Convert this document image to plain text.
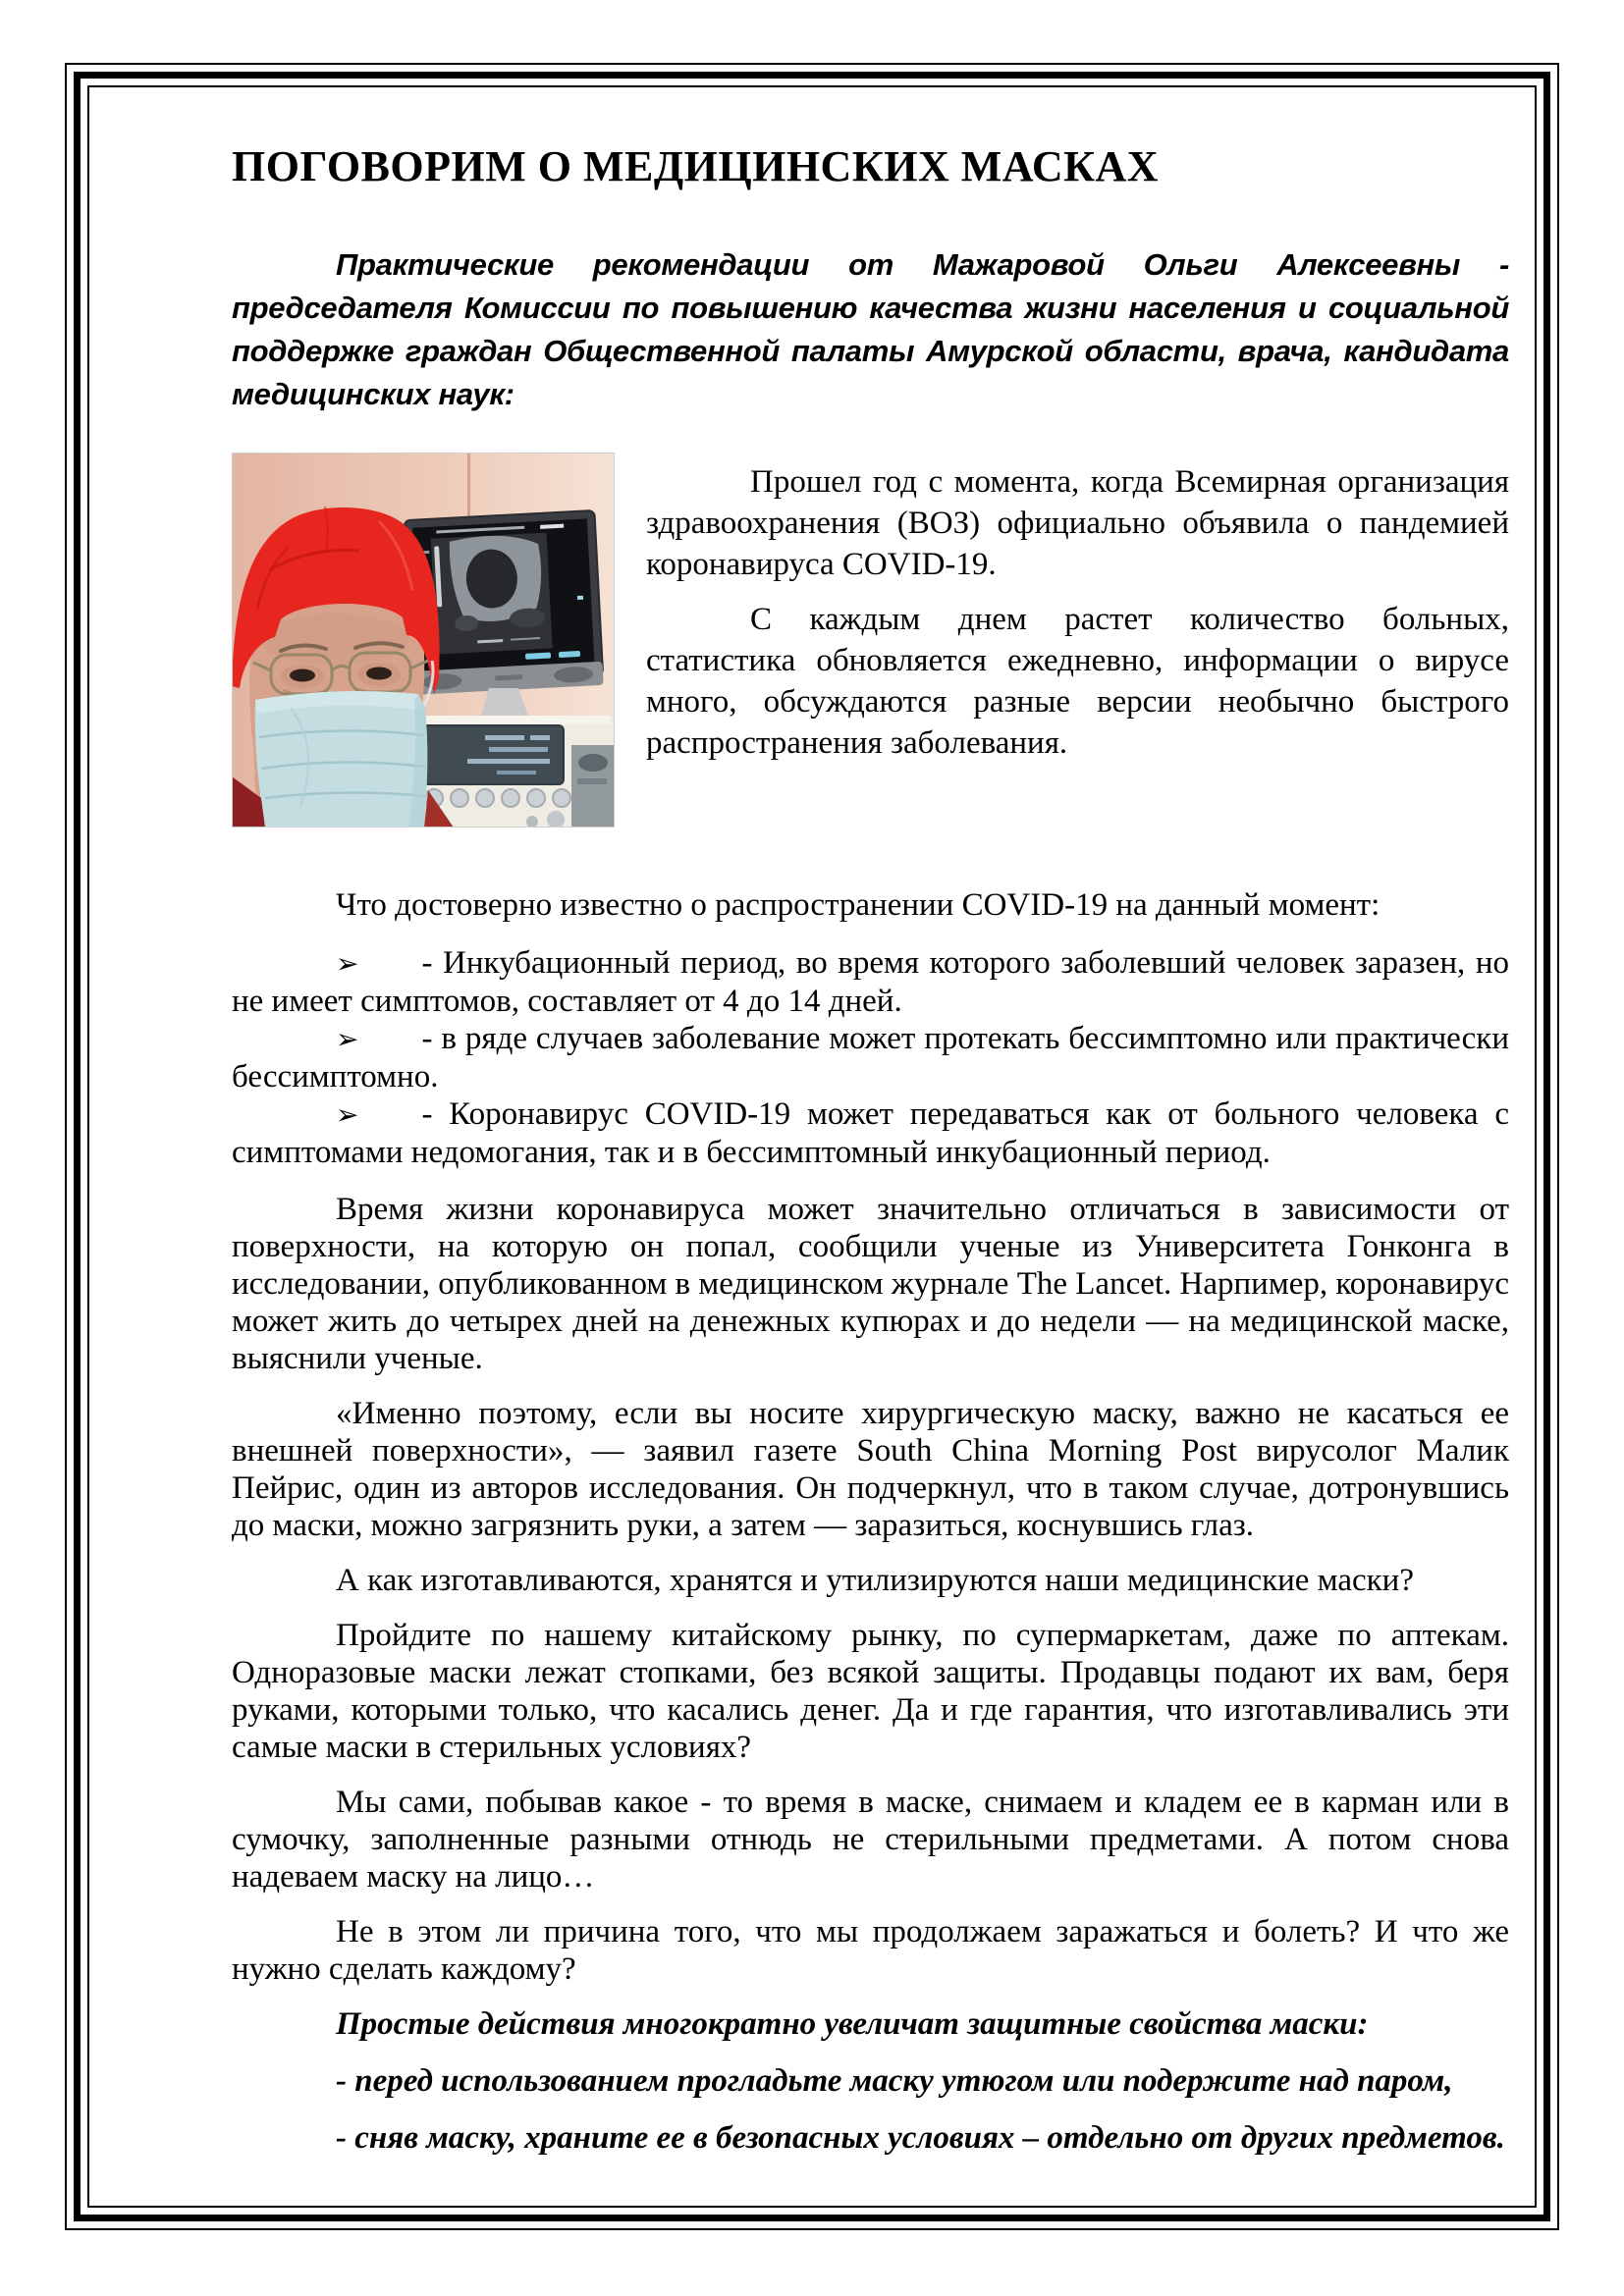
ПОГОВОРИМ О МЕДИЦИНСКИХ МАСКАХ

Практические рекомендации от Мажаровой Ольги Алексеевны - председателя Комиссии по повышению качества жизни населения и социальной поддержке граждан Общественной палаты Амурской области, врача, кандидата медицинских наук:

Прошел год с момента, когда Всемирная организация здравоохранения (ВОЗ) официально объявила о пандемией коронавируса COVID-19.

С каждым днем растет количество больных, статистика обновляется ежедневно, информации о вирусе много, обсуждаются разные версии необычно быстрого распространения заболевания.

Что достоверно известно о распространении COVID-19 на данный момент:

➢ - Инкубационный период, во время которого заболевший человек заразен, но не имеет симптомов, составляет от 4 до 14 дней.
➢ - в ряде случаев заболевание может протекать бессимптомно или практически бессимптомно.
➢ - Коронавирус COVID-19 может передаваться как от больного человека с симптомами недомогания, так и в бессимптомный инкубационный период.

Время жизни коронавируса может значительно отличаться в зависимости от поверхности, на которую он попал, сообщили ученые из Университета Гонконга в исследовании, опубликованном в медицинском журнале The Lancet. Нарпимер, коронавирус может жить до четырех дней на денежных купюрах и до недели — на медицинской маске, выяснили ученые.

«Именно поэтому, если вы носите хирургическую маску, важно не касаться ее внешней поверхности», — заявил газете South China Morning Post вирусолог Малик Пейрис, один из авторов исследования. Он подчеркнул, что в таком случае, дотронувшись до маски, можно загрязнить руки, а затем — заразиться, коснувшись глаз.

А как изготавливаются, хранятся и утилизируются наши медицинские маски?

Пройдите по нашему китайскому рынку, по супермаркетам, даже по аптекам. Одноразовые маски лежат стопками, без всякой защиты. Продавцы подают их вам, беря руками, которыми только, что касались денег. Да и где гарантия, что изготавливались эти самые маски в стерильных условиях?

Мы сами, побывав какое - то время в маске, снимаем и кладем ее в карман или в сумочку, заполненные разными отнюдь не стерильными предметами. А потом снова надеваем маску на лицо…

Не в этом ли причина того, что мы продолжаем заражаться и болеть? И что же нужно сделать каждому?

Простые действия многократно увеличат защитные свойства маски:

- перед использованием прогладьте маску утюгом или подержите над паром,

- сняв маску, храните ее в безопасных условиях – отдельно от других предметов.
